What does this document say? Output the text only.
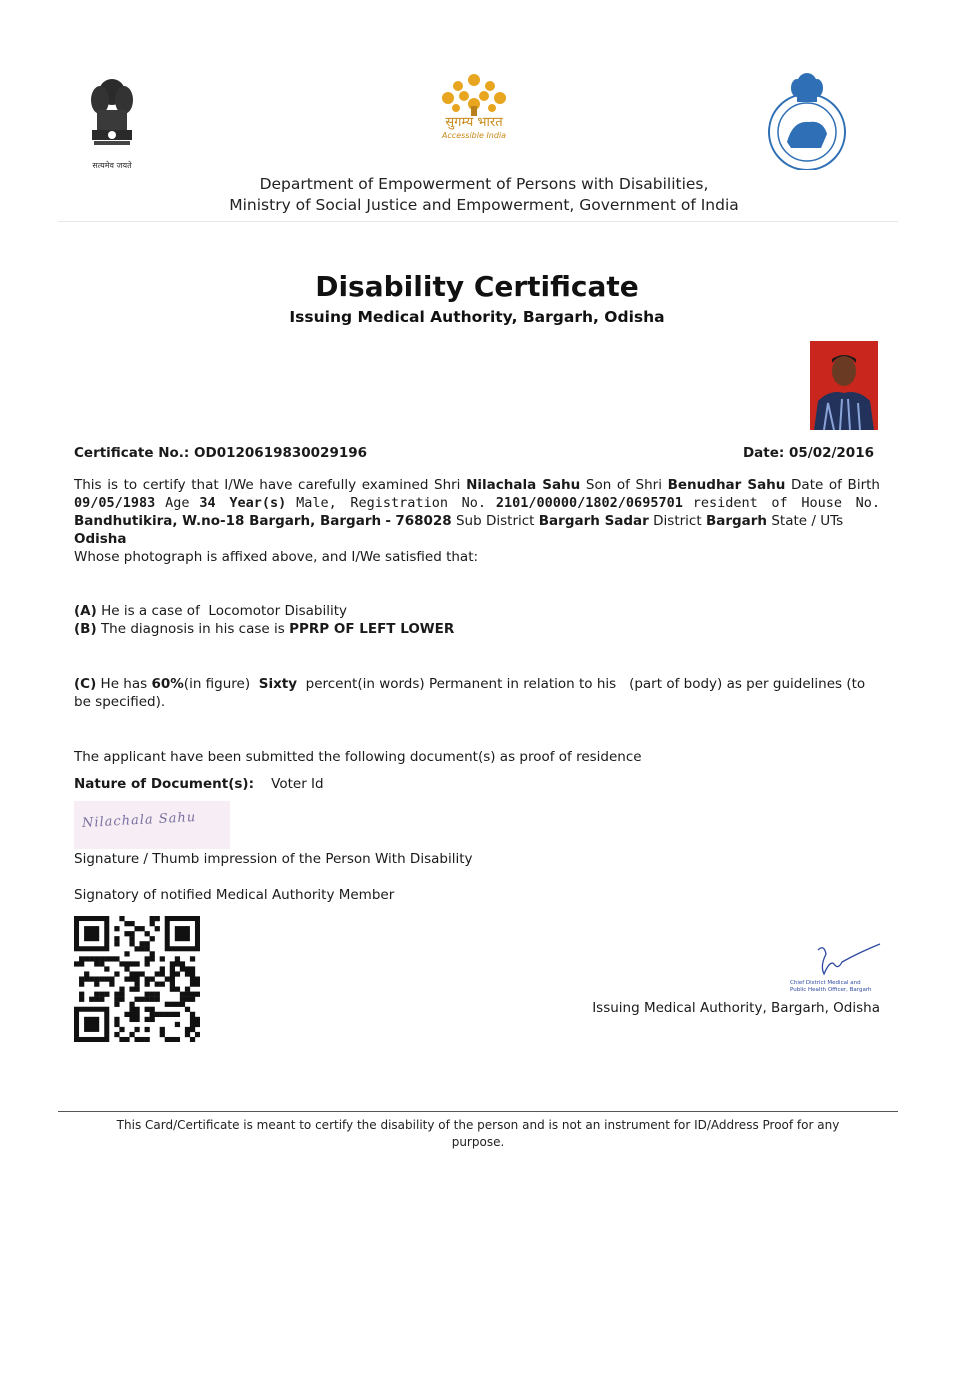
सत्यमेव जयते
सुगम्य भारत
Accessible India
Department of Empowerment of Persons with Disabilities,
Ministry of Social Justice and Empowerment, Government of India
Disability Certificate
Issuing Medical Authority, Bargarh, Odisha
Certificate No.: OD0120619830029196	Date: 05/02/2016
This is to certify that I/We have carefully examined Shri Nilachala Sahu Son of Shri Benudhar Sahu Date of Birth 09/05/1983 Age 34 Year(s) Male, Registration No. 2101/00000/1802/0695701 resident of House No. Bandhutikira, W.no-18 Bargarh, Bargarh - 768028 Sub District Bargarh Sadar District Bargarh State / UTs
Odisha
Whose photograph is affixed above, and I/We satisfied that:
(A) He is a case of Locomotor Disability
(B) The diagnosis in his case is PPRP OF LEFT LOWER
(C) He has 60%(in figure) Sixty percent(in words) Permanent in relation to his (part of body) as per guidelines (to be specified).
The applicant have been submitted the following document(s) as proof of residence
Nature of Document(s): Voter Id
Nilachala Sahu
Signature / Thumb impression of the Person With Disability
Signatory of notified Medical Authority Member
Chief District Medical and
Public Health Officer, Bargarh
Issuing Medical Authority, Bargarh, Odisha
This Card/Certificate is meant to certify the disability of the person and is not an instrument for ID/Address Proof for any purpose.
